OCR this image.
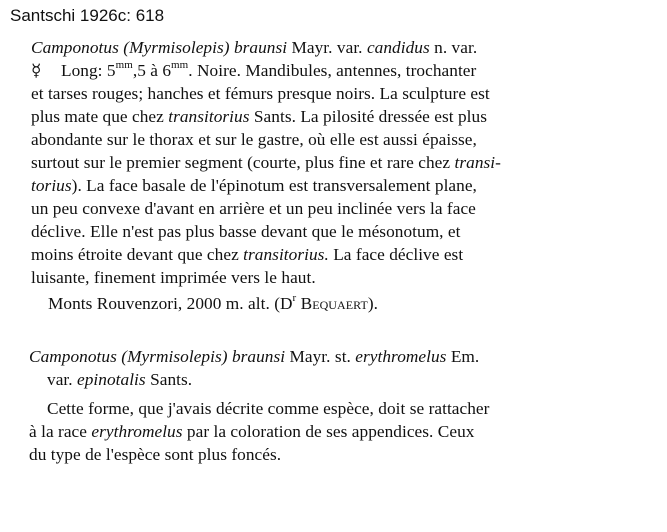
Santschi 1926c: 618
Camponotus (Myrmisolepis) braunsi Mayr. var. candidus n. var.
☿ Long: $5^{mm},5$ à $6^{mm}$. Noire. Mandibules, antennes, trochanter
et tarses rouges; hanches et fémurs presque noirs. La sculpture est
plus mate que chez transitorius Sants. La pilosité dressée est plus
abondante sur le thorax et sur le gastre, où elle est aussi épaisse,
surtout sur le premier segment (courte, plus fine et rare chez transi-
torius). La face basale de l'épinotum est transversalement plane,
un peu convexe d'avant en arrière et un peu inclinée vers la face
déclive. Elle n'est pas plus basse devant que le mésonotum, et
moins étroite devant que chez transitorius. La face déclive est
luisante, finement imprimée vers le haut.
Monts Rouvenzori, 2000 m. alt. ($D^r$ Bequaert).
Camponotus (Myrmisolepis) braunsi Mayr. st. erythromelus Em.
var. epinotalis Sants.
Cette forme, que j'avais décrite comme espèce, doit se rattacher
à la race erythromelus par la coloration de ses appendices. Ceux
du type de l'espèce sont plus foncés.
